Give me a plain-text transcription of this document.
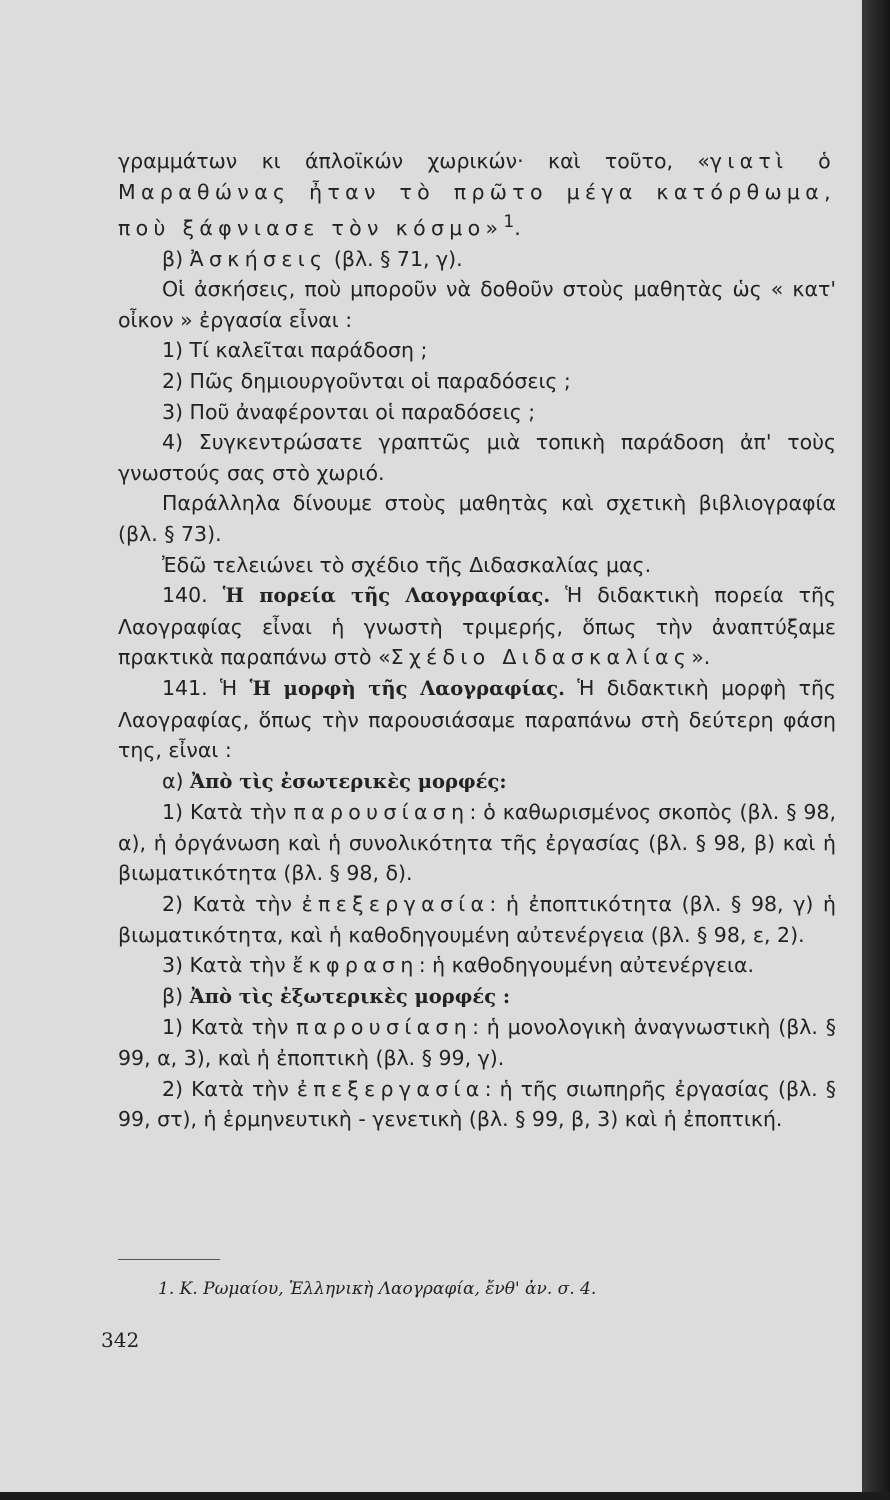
γραμμάτων κι άπλοϊκών χωρικών· καὶ τοῦτο, «γιατὶ ὁ Μαραθώνας ἦταν τὸ πρῶτο μέγα κατόρθωμα, ποὺ ξάφνιασε τὸν κόσμο»$^1$.

β) Ἀσκήσεις (βλ. § 71, γ).

Οἱ ἀσκήσεις, ποὺ μποροῦν νὰ δοθοῦν στοὺς μαθητὰς ὡς « κατ' οἶκον » ἐργασία εἶναι :

1) Τί καλεῖται παράδοση ;

2) Πῶς δημιουργοῦνται οἱ παραδόσεις ;

3) Ποῦ ἀναφέρονται οἱ παραδόσεις ;

4) Συγκεντρώσατε γραπτῶς μιὰ τοπικὴ παράδοση ἀπ' τοὺς γνωστούς σας στὸ χωριό.

Παράλληλα δίνουμε στοὺς μαθητὰς καὶ σχετικὴ βιβλιογραφία (βλ. § 73).

Ἐδῶ τελειώνει τὸ σχέδιο τῆς Διδασκαλίας μας.

140. Ἡ πορεία τῆς Λαογραφίας. Ἡ διδακτικὴ πορεία τῆς Λαογραφίας εἶναι ἡ γνωστὴ τριμερής, ὅπως τὴν ἀναπτύξαμε πρακτικὰ παραπάνω στὸ «Σχέδιο Διδασκαλίας».

141. Ἡ Ἡ μορφὴ τῆς Λαογραφίας. Ἡ διδακτικὴ μορφὴ τῆς Λαογραφίας, ὅπως τὴν παρουσιάσαμε παραπάνω στὴ δεύτερη φάση της, εἶναι :

α) Ἀπὸ τὶς ἐσωτερικὲς μορφές:

1) Κατὰ τὴν παρουσίαση: ὁ καθωρισμένος σκοπὸς (βλ. § 98, α), ἡ ὀργάνωση καὶ ἡ συνολικότητα τῆς ἐργασίας (βλ. § 98, β) καὶ ἡ βιωματικότητα (βλ. § 98, δ).

2) Κατὰ τὴν ἐπεξεργασία: ἡ ἐποπτικότητα (βλ. § 98, γ) ἡ βιωματικότητα, καὶ ἡ καθοδηγουμένη αὐτενέργεια (βλ. § 98, ε, 2).

3) Κατὰ τὴν ἔκφραση: ἡ καθοδηγουμένη αὐτενέργεια.

β) Ἀπὸ τὶς ἐξωτερικὲς μορφές :

1) Κατὰ τὴν παρουσίαση: ἡ μονολογικὴ ἀναγνωστικὴ (βλ. § 99, α, 3), καὶ ἡ ἐποπτικὴ (βλ. § 99, γ).

2) Κατὰ τὴν ἐπεξεργασία: ἡ τῆς σιωπηρῆς ἐργασίας (βλ. § 99, στ), ἡ ἑρμηνευτικὴ - γενετικὴ (βλ. § 99, β, 3) καὶ ἡ ἐποπτική.

1. Κ. Ρωμαίου, Ἑλληνικὴ Λαογραφία, ἔνθ' ἀν. σ. 4.
342
